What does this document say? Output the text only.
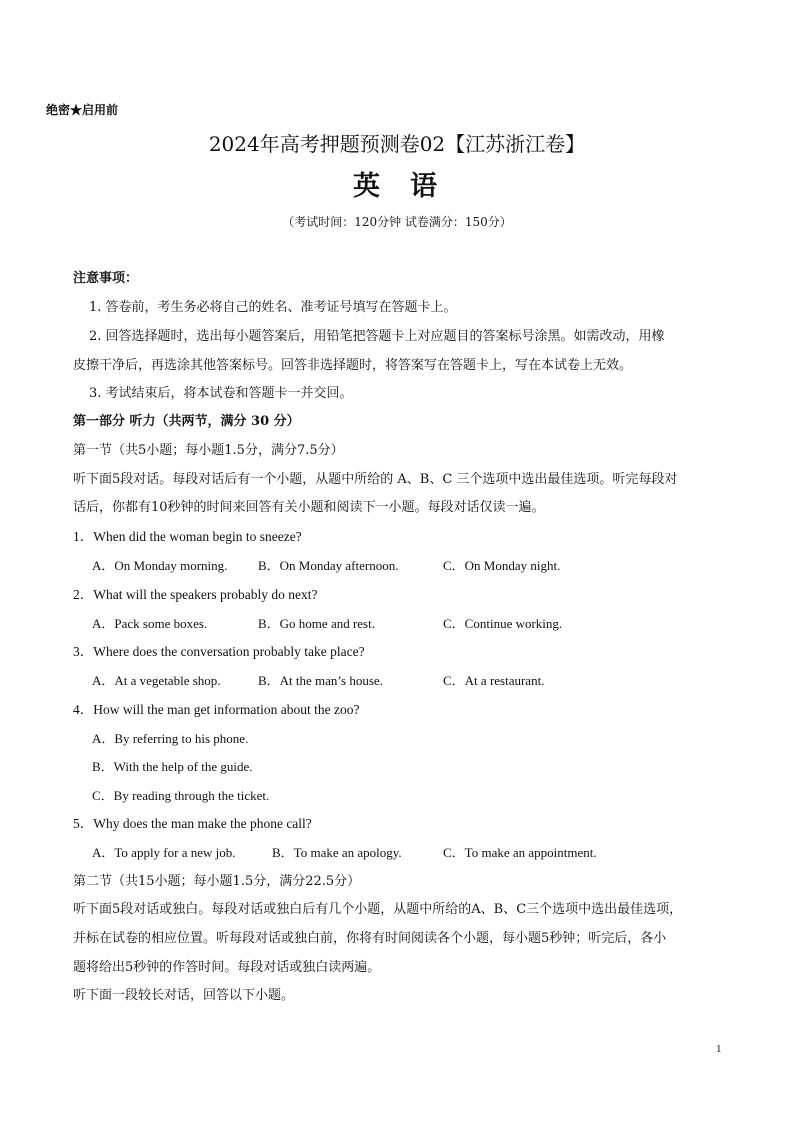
绝密★启用前
2024年高考押题预测卷02【江苏浙江卷】
英 语
（考试时间：120分钟 试卷满分：150分）
注意事项：
1. 答卷前，考生务必将自己的姓名、准考证号填写在答题卡上。
2. 回答选择题时，选出每小题答案后，用铅笔把答题卡上对应题目的答案标号涂黑。如需改动，用橡
皮擦干净后，再选涂其他答案标号。回答非选择题时，将答案写在答题卡上，写在本试卷上无效。
3. 考试结束后，将本试卷和答题卡一并交回。
第一部分 听力（共两节，满分 30 分）
第一节（共5小题；每小题1.5分，满分7.5分）
听下面5段对话。每段对话后有一个小题，从题中所给的 A、B、C 三个选项中选出最佳选项。听完每段对
话后，你都有10秒钟的时间来回答有关小题和阅读下一小题。每段对话仅读一遍。
1．When did the woman begin to sneeze?
A．On Monday morning. B．On Monday afternoon.	C．On Monday night.
2．What will the speakers probably do next?
A．Pack some boxes.	B．Go home and rest.	C．Continue working.
3．Where does the conversation probably take place?
A．At a vegetable shop.	B．At the man’s house.	C．At a restaurant.
4．How will the man get information about the zoo?
A．By referring to his phone.
B．With the help of the guide.
C．By reading through the ticket.
5．Why does the man make the phone call?
A．To apply for a new job.	B．To make an apology.	C．To make an appointment.
第二节（共15小题；每小题1.5分，满分22.5分）
听下面5段对话或独白。每段对话或独白后有几个小题，从题中所给的A、B、C三个选项中选出最佳选项，
并标在试卷的相应位置。听每段对话或独白前，你将有时间阅读各个小题，每小题5秒钟；听完后，各小
题将给出5秒钟的作答时间。每段对话或独白读两遍。
听下面一段较长对话，回答以下小题。
1
